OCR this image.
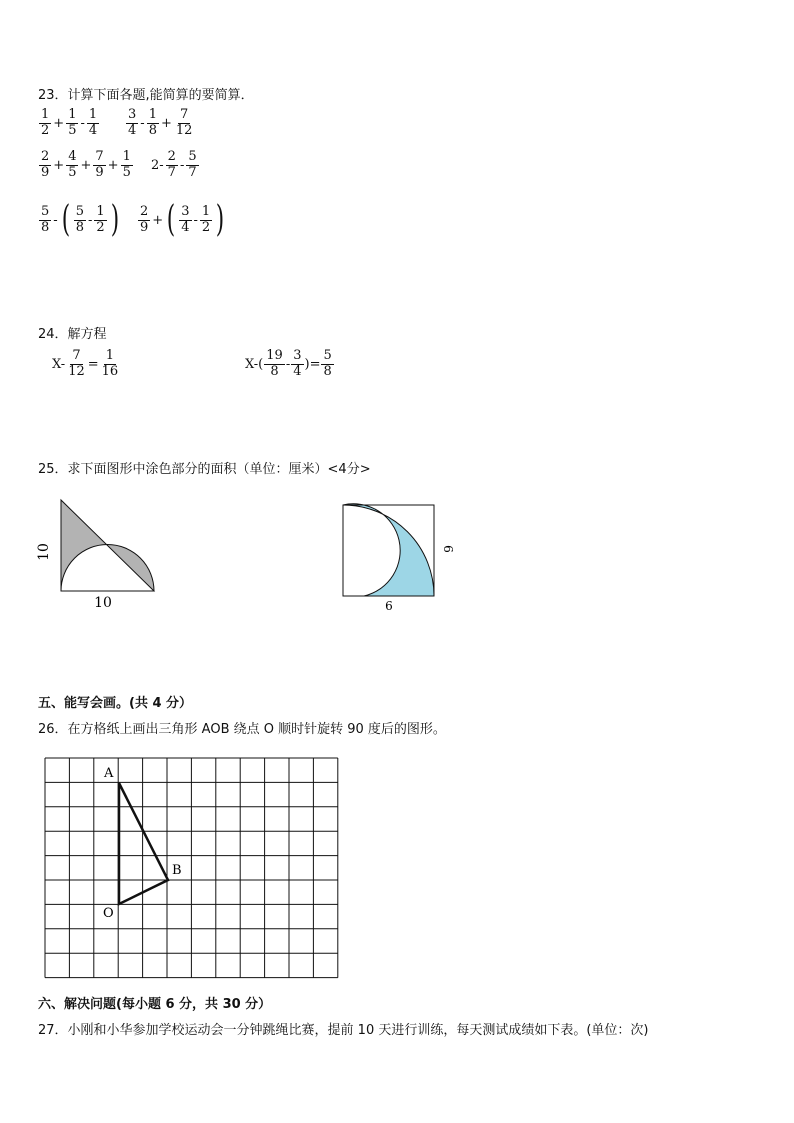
23．计算下面各题,能简算的要简算．
$\frac{1}{2} + \frac{1}{5} - \frac{1}{4} \frac{3}{4} - \frac{1}{8} + \frac{7}{12}$
$\frac{2}{9} + \frac{4}{5} + \frac{7}{9} + \frac{1}{5} 2- \frac{2}{7} - \frac{5}{7}$
$\frac{5}{8}$ - ( $\frac{5}{8} - \frac{1}{2}$ ) $\frac{2}{9}$ + ( $\frac{3}{4} - \frac{1}{2}$ )
24．解方程
$X- \frac{7}{12} = \frac{1}{16}$	$X-( \frac{19}{8} - \frac{3}{4}$ )= $\frac{5}{8}$
25．求下面图形中涂色部分的面积（单位：厘米）<4分>
10
10
6
6
五、能写会画。(共 4 分）
26．在方格纸上画出三角形 AOB 绕点 O 顺时针旋转 90 度后的图形。
A
B
O
六、解决问题(每小题 6 分，共 30 分）
27．小刚和小华参加学校运动会一分钟跳绳比赛，提前 10 天进行训练，每天测试成绩如下表。(单位：次)
